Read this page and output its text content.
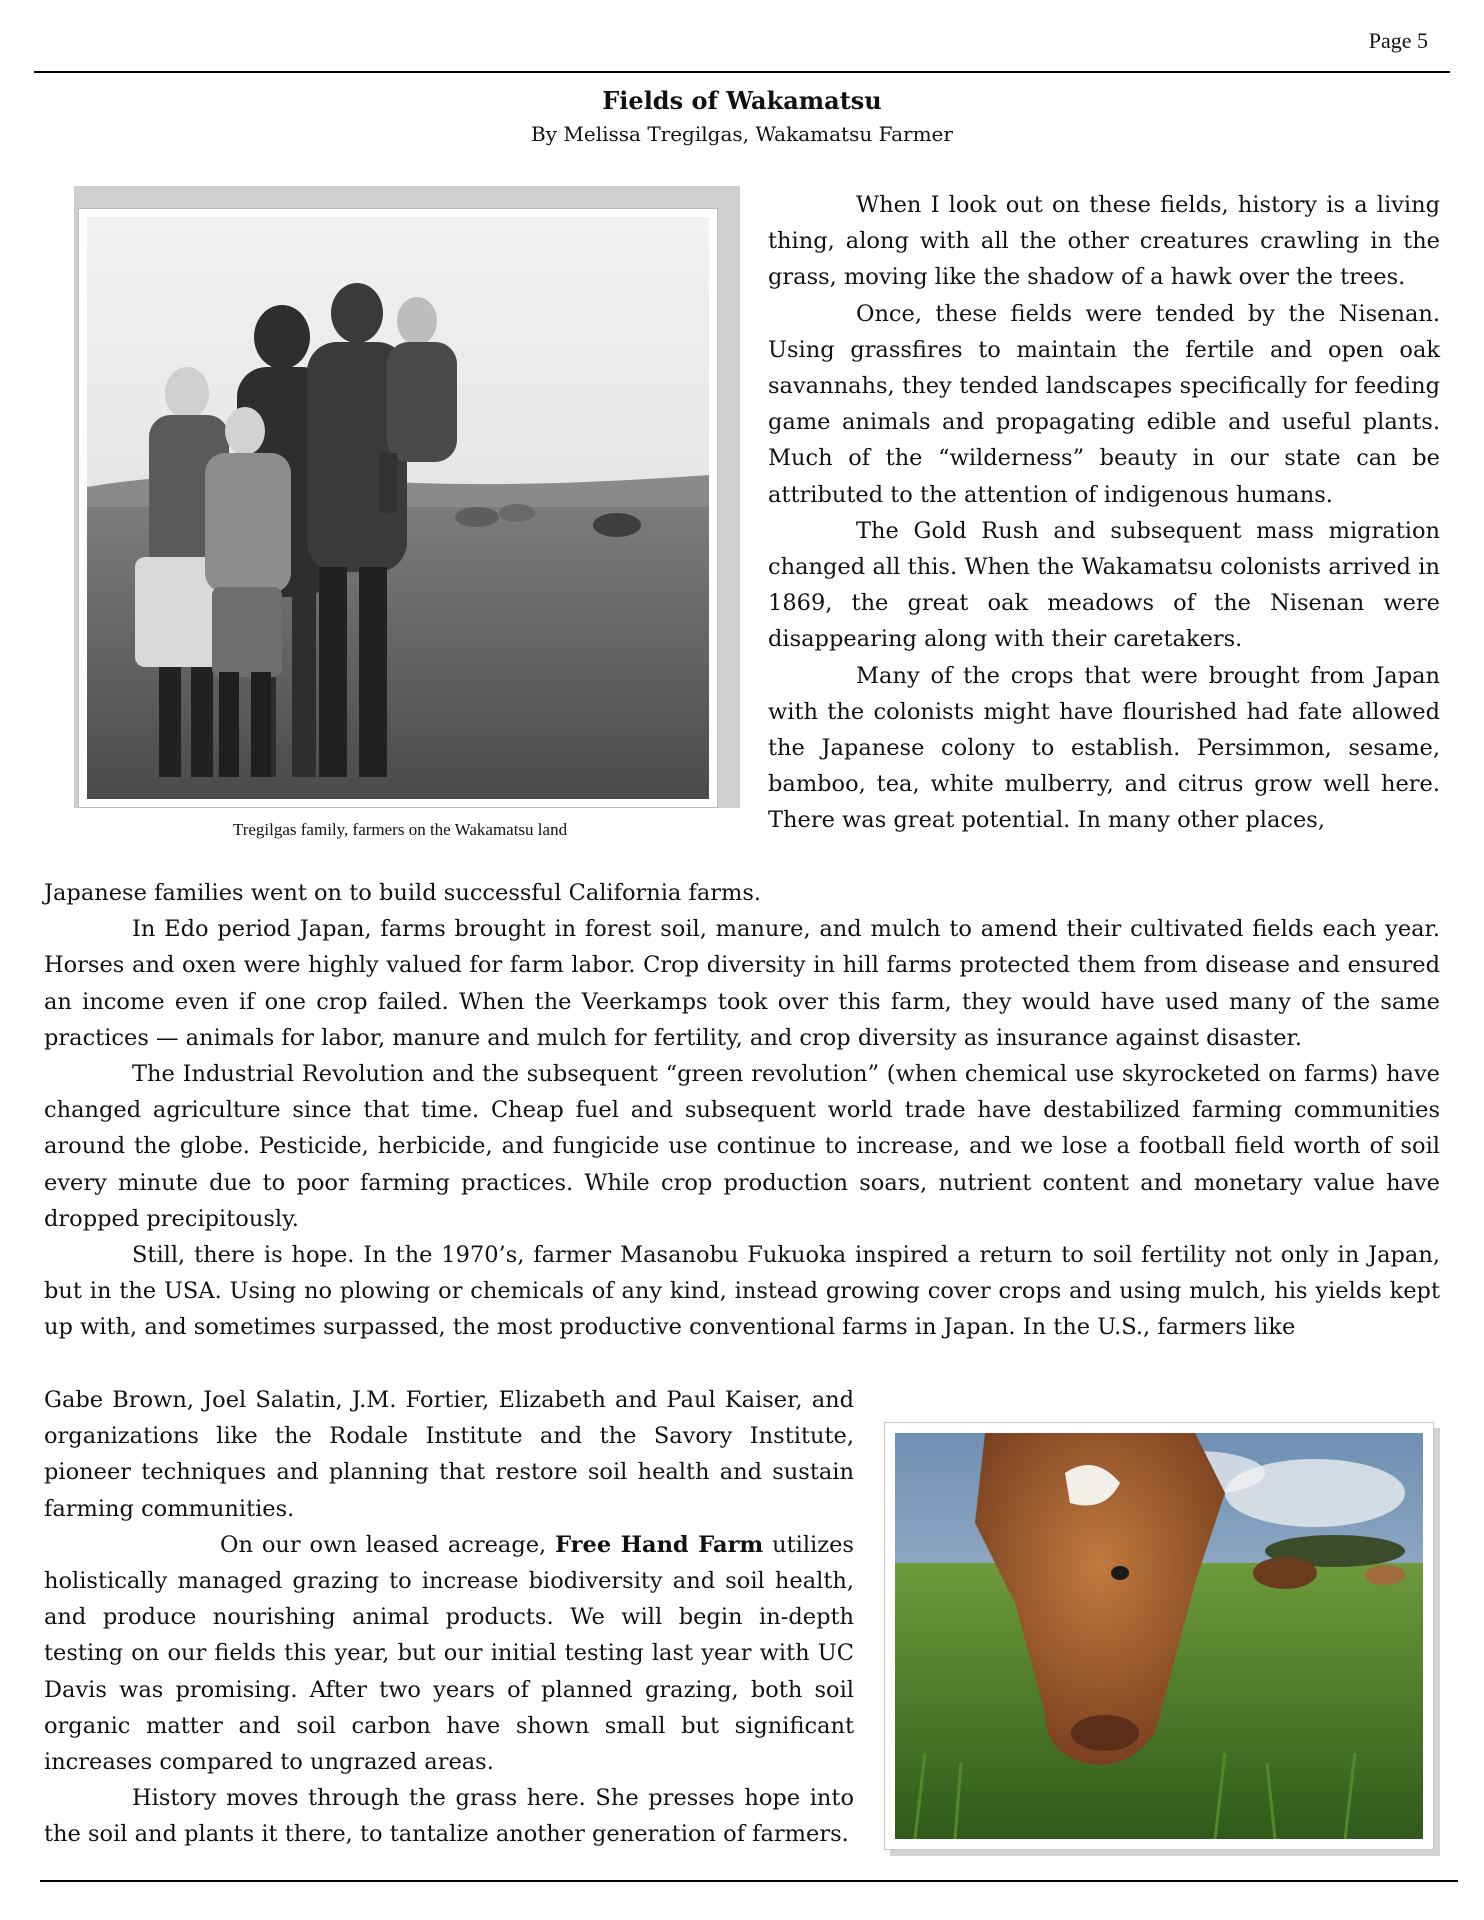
Page 5
Fields of Wakamatsu

By Melissa Tregilgas, Wakamatsu Farmer

Tregilgas family, farmers on the Wakamatsu land

When I look out on these fields, history is a living thing, along with all the other creatures crawling in the grass, moving like the shadow of a hawk over the trees.

Once, these fields were tended by the Nisenan. Using grassfires to maintain the fertile and open oak savannahs, they tended landscapes specifically for feeding game animals and propagating edible and useful plants. Much of the “wilderness” beauty in our state can be attributed to the attention of indigenous humans.

The Gold Rush and subsequent mass migration changed all this. When the Wakamatsu colonists arrived in 1869, the great oak meadows of the Nisenan were disappearing along with their caretakers.

Many of the crops that were brought from Japan with the colonists might have flourished had fate allowed the Japanese colony to establish. Persimmon, sesame, bamboo, tea, white mulberry, and citrus grow well here. There was great potential. In many other places,

Japanese families went on to build successful California farms.

In Edo period Japan, farms brought in forest soil, manure, and mulch to amend their cultivated fields each year. Horses and oxen were highly valued for farm labor. Crop diversity in hill farms protected them from disease and ensured an income even if one crop failed. When the Veerkamps took over this farm, they would have used many of the same practices — animals for labor, manure and mulch for fertility, and crop diversity as insurance against disaster.

The Industrial Revolution and the subsequent “green revolution” (when chemical use skyrocketed on farms) have changed agriculture since that time. Cheap fuel and subsequent world trade have destabilized farming communities around the globe. Pesticide, herbicide, and fungicide use continue to increase, and we lose a football field worth of soil every minute due to poor farming practices. While crop production soars, nutrient content and monetary value have dropped precipitously.

Still, there is hope. In the 1970’s, farmer Masanobu Fukuoka inspired a return to soil fertility not only in Japan, but in the USA. Using no plowing or chemicals of any kind, instead growing cover crops and using mulch, his yields kept up with, and sometimes surpassed, the most productive conventional farms in Japan. In the U.S., farmers like

Gabe Brown, Joel Salatin, J.M. Fortier, Elizabeth and Paul Kaiser, and organizations like the Rodale Institute and the Savory Institute, pioneer techniques and planning that restore soil health and sustain farming communities.

On our own leased acreage, Free Hand Farm utilizes holistically managed grazing to increase biodiversity and soil health, and produce nourishing animal products. We will begin in-depth testing on our fields this year, but our initial testing last year with UC Davis was promising. After two years of planned grazing, both soil organic matter and soil carbon have shown small but significant increases compared to ungrazed areas.

History moves through the grass here. She presses hope into the soil and plants it there, to tantalize another generation of farmers.
